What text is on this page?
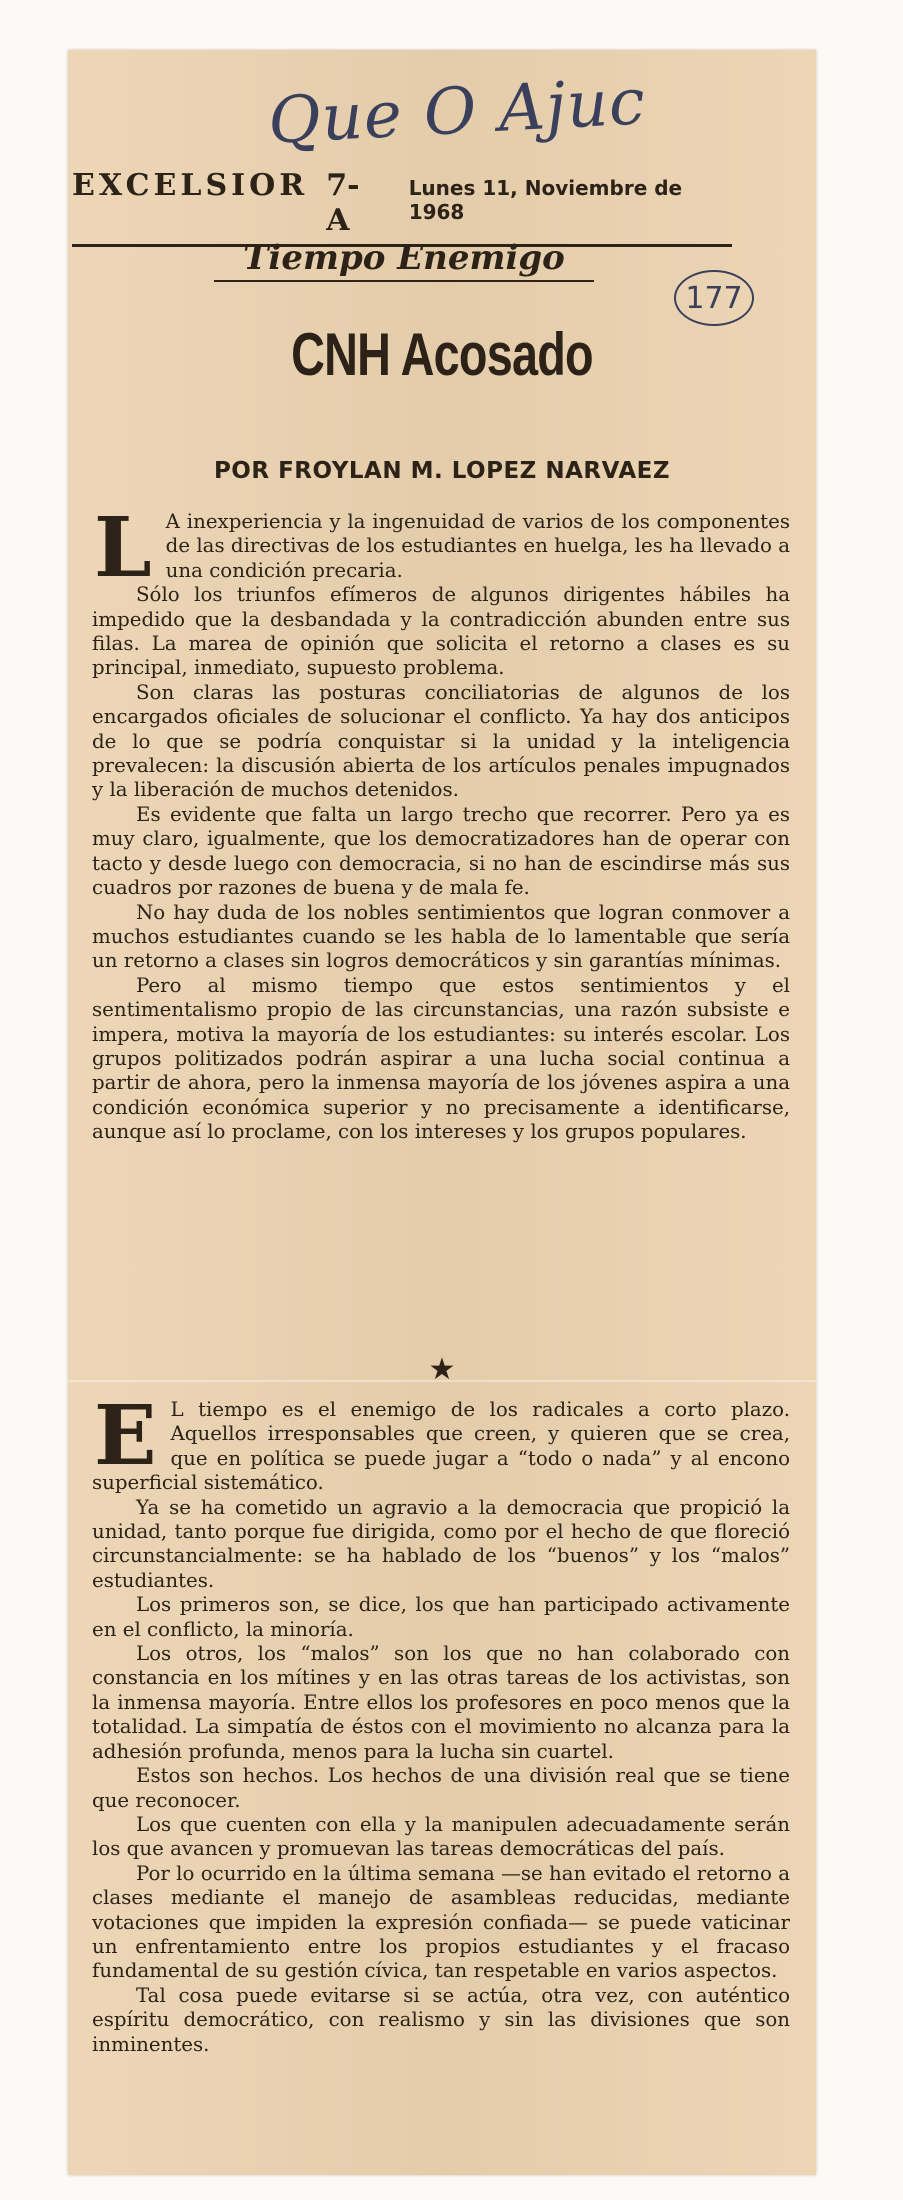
Que O Ajuc
EXCELSIOR 7-A
Lunes 11, Noviembre de 1968
Tiempo Enemigo
177
CNH Acosado
POR FROYLAN M. LOPEZ NARVAEZ
L A inexperiencia y la ingenuidad de varios de los componentes de las directivas de los estudiantes en huelga, les ha llevado a una condición precaria.

Sólo los triunfos efímeros de algunos dirigentes hábiles ha impedido que la desbandada y la contradicción abunden entre sus filas. La marea de opinión que solicita el retorno a clases es su principal, inmediato, supuesto problema.

Son claras las posturas conciliatorias de algunos de los encargados oficiales de solucionar el conflicto. Ya hay dos anticipos de lo que se podría conquistar si la unidad y la inteligencia prevalecen: la discusión abierta de los artículos penales impugnados y la liberación de muchos detenidos.

Es evidente que falta un largo trecho que recorrer. Pero ya es muy claro, igualmente, que los democratizadores han de operar con tacto y desde luego con democracia, si no han de escindirse más sus cuadros por razones de buena y de mala fe.

No hay duda de los nobles sentimientos que logran conmover a muchos estudiantes cuando se les habla de lo lamentable que sería un retorno a clases sin logros democráticos y sin garantías mínimas.

Pero al mismo tiempo que estos sentimientos y el sentimentalismo propio de las circunstancias, una razón subsiste e impera, motiva la mayoría de los estudiantes: su interés escolar. Los grupos politizados podrán aspirar a una lucha social continua a partir de ahora, pero la inmensa mayoría de los jóvenes aspira a una condición económica superior y no precisamente a identificarse, aunque así lo proclame, con los intereses y los grupos populares.

★
E L tiempo es el enemigo de los radicales a corto plazo. Aquellos irresponsables que creen, y quieren que se crea, que en política se puede jugar a “todo o nada” y al encono superficial sistemático.

Ya se ha cometido un agravio a la democracia que propició la unidad, tanto porque fue dirigida, como por el hecho de que floreció circunstancialmente: se ha hablado de los “buenos” y los “malos” estudiantes.

Los primeros son, se dice, los que han participado activamente en el conflicto, la minoría.

Los otros, los “malos” son los que no han colaborado con constancia en los mítines y en las otras tareas de los activistas, son la inmensa mayoría. Entre ellos los profesores en poco menos que la totalidad. La simpatía de éstos con el movimiento no alcanza para la adhesión profunda, menos para la lucha sin cuartel.

Estos son hechos. Los hechos de una división real que se tiene que reconocer.

Los que cuenten con ella y la manipulen adecuadamente serán los que avancen y promuevan las tareas democráticas del país.

Por lo ocurrido en la última semana —se han evitado el retorno a clases mediante el manejo de asambleas reducidas, mediante votaciones que impiden la expresión confiada— se puede vaticinar un enfrentamiento entre los propios estudiantes y el fracaso fundamental de su gestión cívica, tan respetable en varios aspectos.

Tal cosa puede evitarse si se actúa, otra vez, con auténtico espíritu democrático, con realismo y sin las divisiones que son inminentes.
